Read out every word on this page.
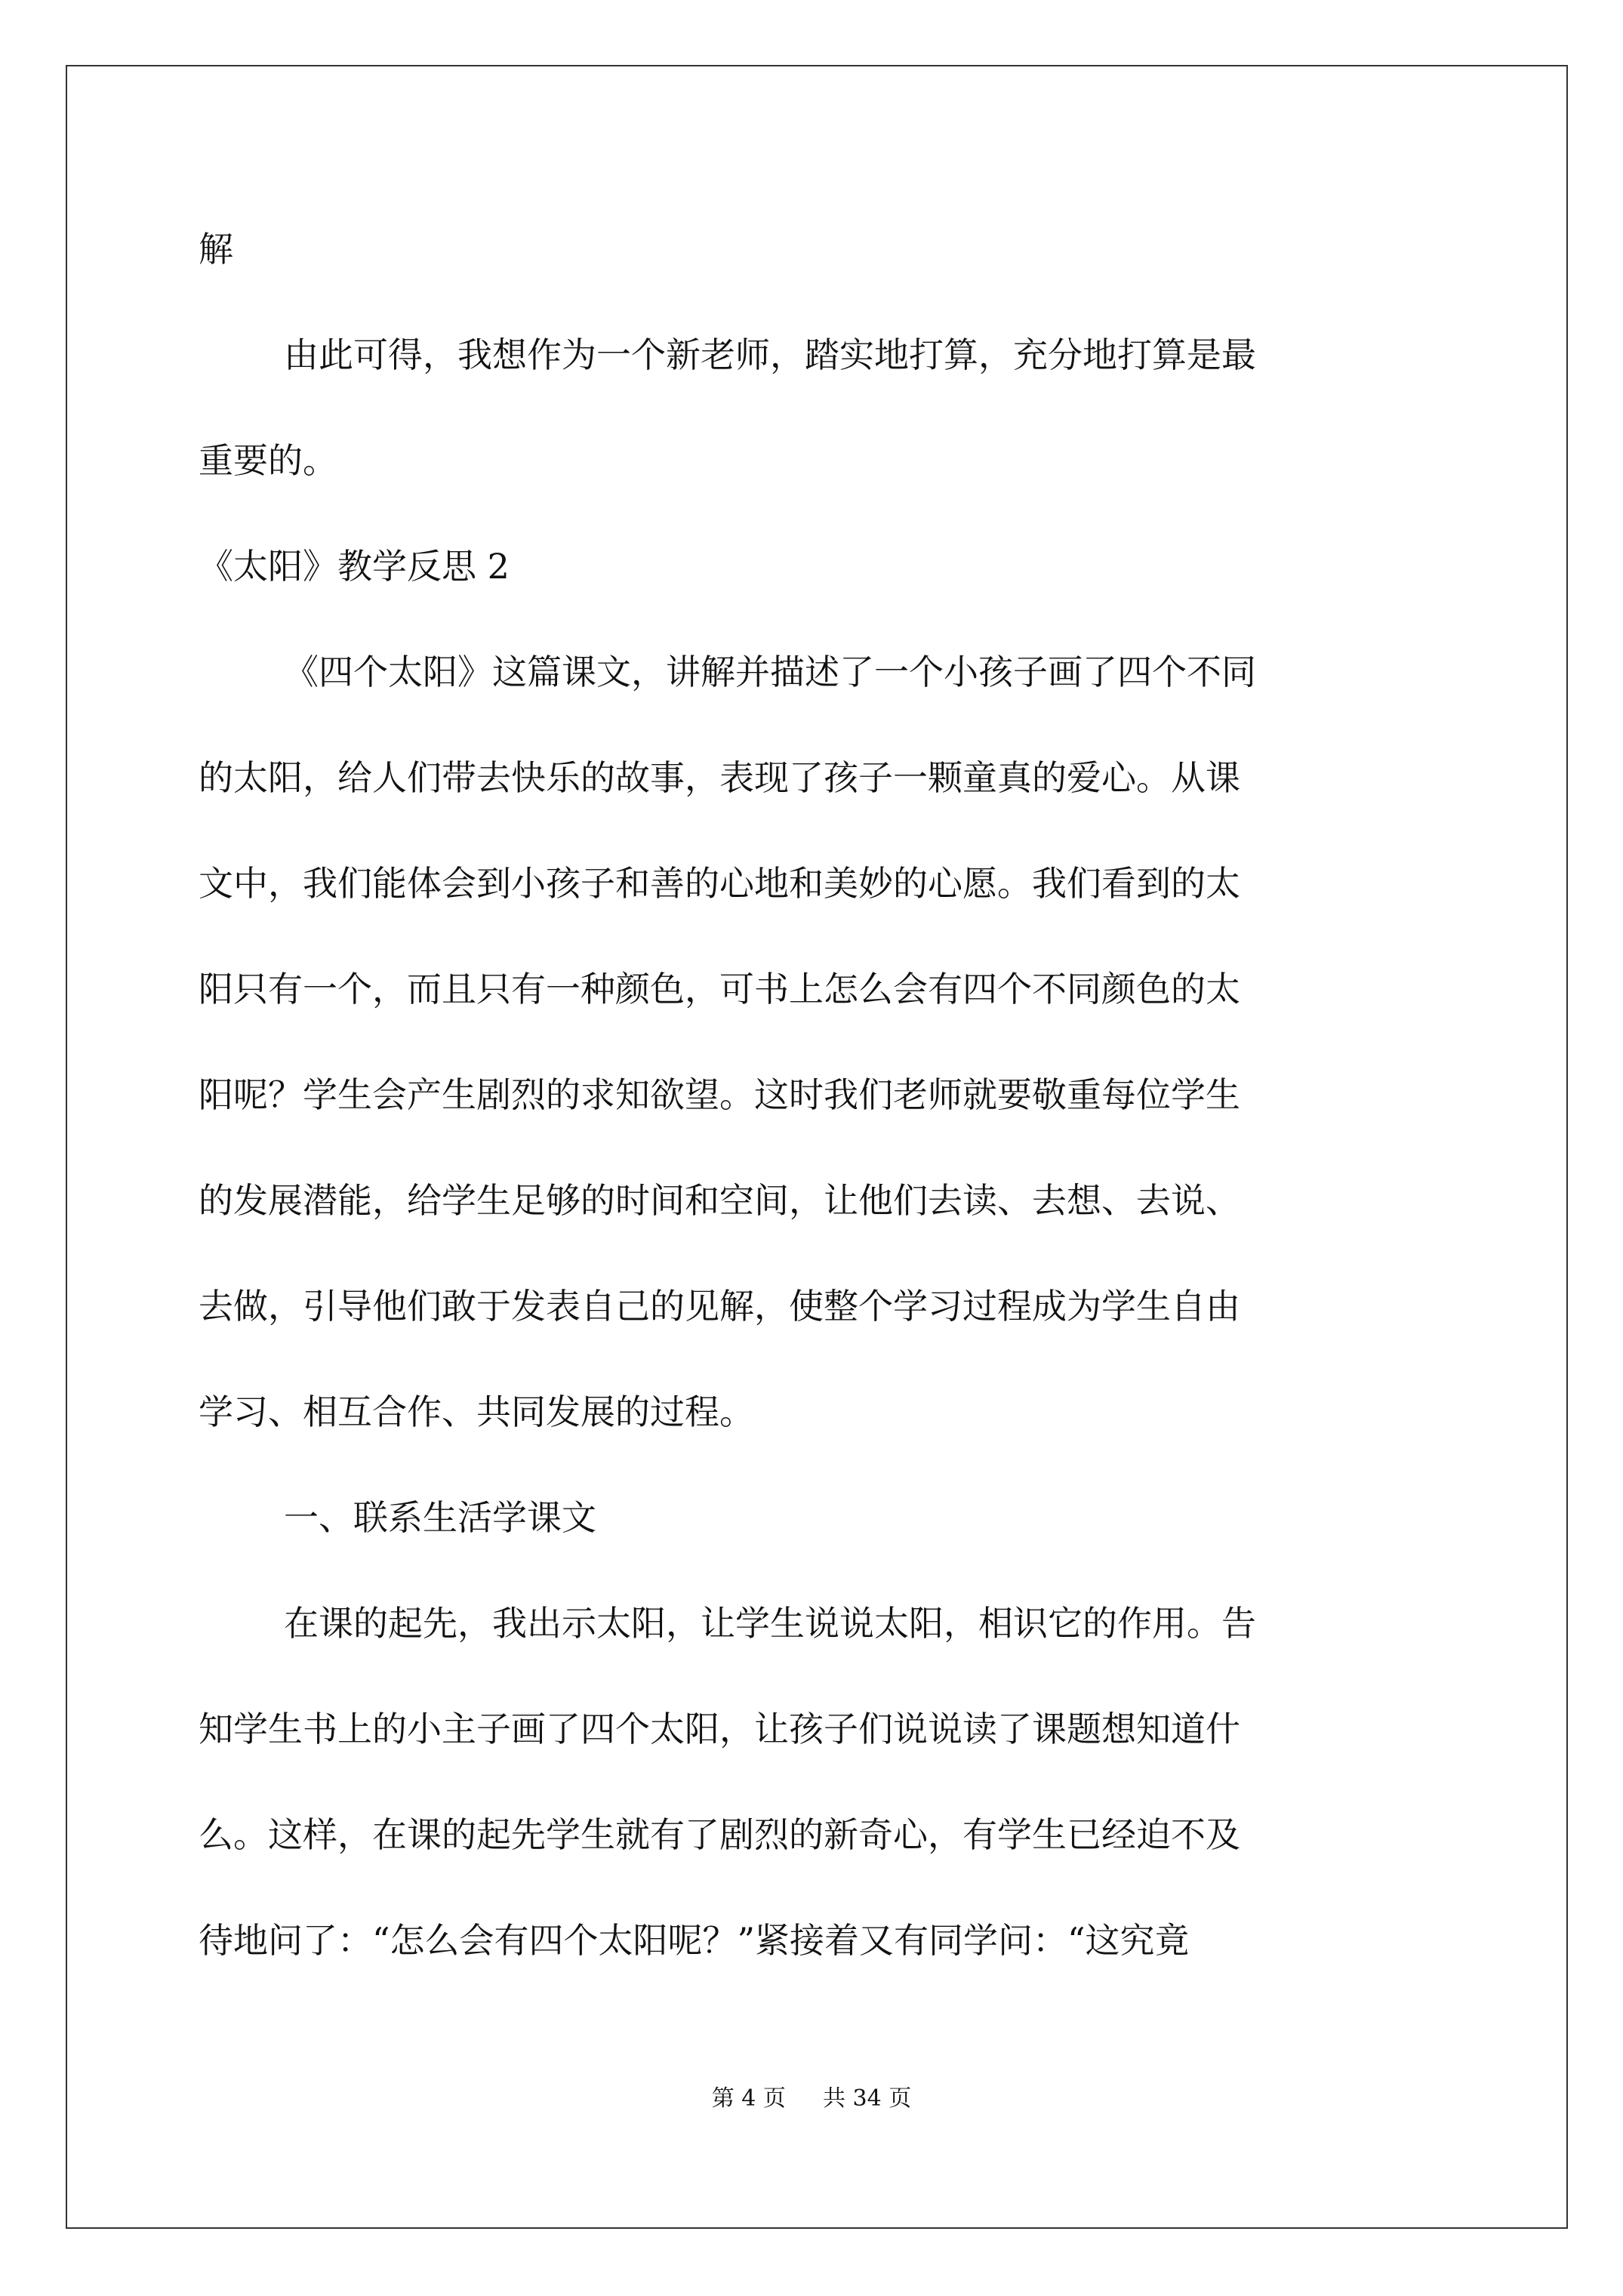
解
由此可得，我想作为一个新老师，踏实地打算，充分地打算是最
重要的。
《太阳》教学反思 2
《四个太阳》这篇课文，讲解并描述了一个小孩子画了四个不同
的太阳，给人们带去快乐的故事，表现了孩子一颗童真的爱心。从课
文中，我们能体会到小孩子和善的心地和美妙的心愿。我们看到的太
阳只有一个，而且只有一种颜色，可书上怎么会有四个不同颜色的太
阳呢？学生会产生剧烈的求知欲望。这时我们老师就要敬重每位学生
的发展潜能，给学生足够的时间和空间，让他们去读、去想、去说、
去做，引导他们敢于发表自己的见解，使整个学习过程成为学生自由
学习、相互合作、共同发展的过程。
一、联系生活学课文
在课的起先，我出示太阳，让学生说说太阳，相识它的作用。告
知学生书上的小主子画了四个太阳，让孩子们说说读了课题想知道什
么。这样，在课的起先学生就有了剧烈的新奇心，有学生已经迫不及
待地问了：“怎么会有四个太阳呢？”紧接着又有同学问：“这究竟
第 4 页 共 34 页
